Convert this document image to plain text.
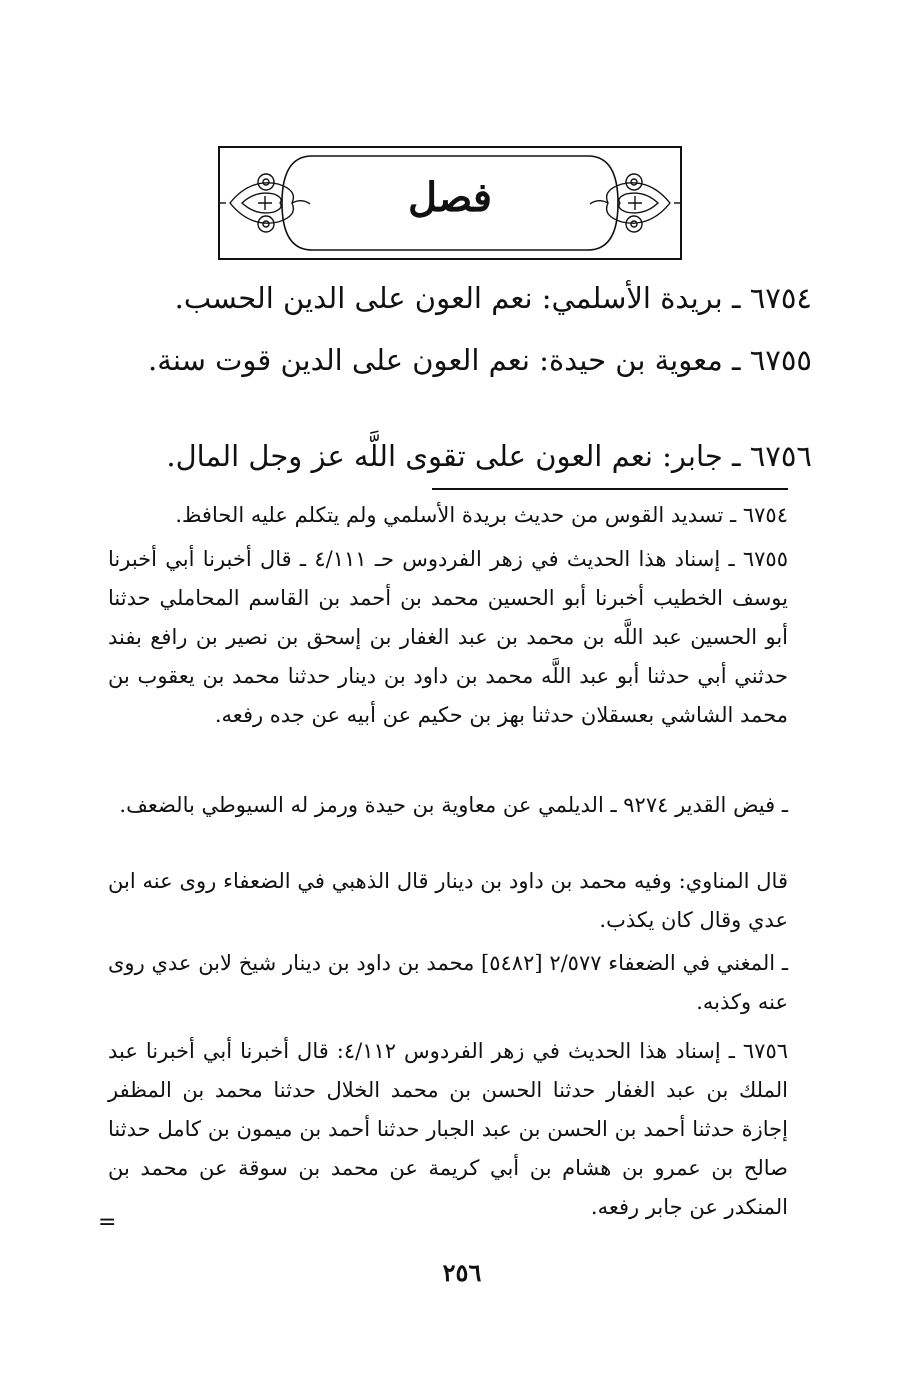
فصل
٦٧٥٤ ـ بريدة الأسلمي: نعم العون على الدين الحسب.
٦٧٥٥ ـ معوية بن حيدة: نعم العون على الدين قوت سنة.
٦٧٥٦ ـ جابر: نعم العون على تقوى اللَّه عز وجل المال.
٦٧٥٤ ـ تسديد القوس من حديث بريدة الأسلمي ولم يتكلم عليه الحافظ.
٦٧٥٥ ـ إسناد هذا الحديث في زهر الفردوس حـ ٤/١١١ ـ قال أخبرنا أبي أخبرنا يوسف الخطيب أخبرنا أبو الحسين محمد بن أحمد بن القاسم المحاملي حدثنا أبو الحسين عبد اللَّه بن محمد بن عبد الغفار بن إسحق بن نصير بن رافع بفند حدثني أبي حدثنا أبو عبد اللَّه محمد بن داود بن دينار حدثنا محمد بن يعقوب بن محمد الشاشي بعسقلان حدثنا بهز بن حكيم عن أبيه عن جده رفعه.
ـ فيض القدير ٩٢٧٤ ـ الديلمي عن معاوية بن حيدة ورمز له السيوطي بالضعف.
قال المناوي: وفيه محمد بن داود بن دينار قال الذهبي في الضعفاء روى عنه ابن عدي وقال كان يكذب.
ـ المغني في الضعفاء ٢/٥٧٧ [٥٤٨٢] محمد بن داود بن دينار شيخ لابن عدي روى عنه وكذبه.
٦٧٥٦ ـ إسناد هذا الحديث في زهر الفردوس ٤/١١٢: قال أخبرنا أبي أخبرنا عبد الملك بن عبد الغفار حدثنا الحسن بن محمد الخلال حدثنا محمد بن المظفر إجازة حدثنا أحمد بن الحسن بن عبد الجبار حدثنا أحمد بن ميمون بن كامل حدثنا صالح بن عمرو بن هشام بن أبي كريمة عن محمد بن سوقة عن محمد بن المنكدر عن جابر رفعه.
=
٢٥٦
